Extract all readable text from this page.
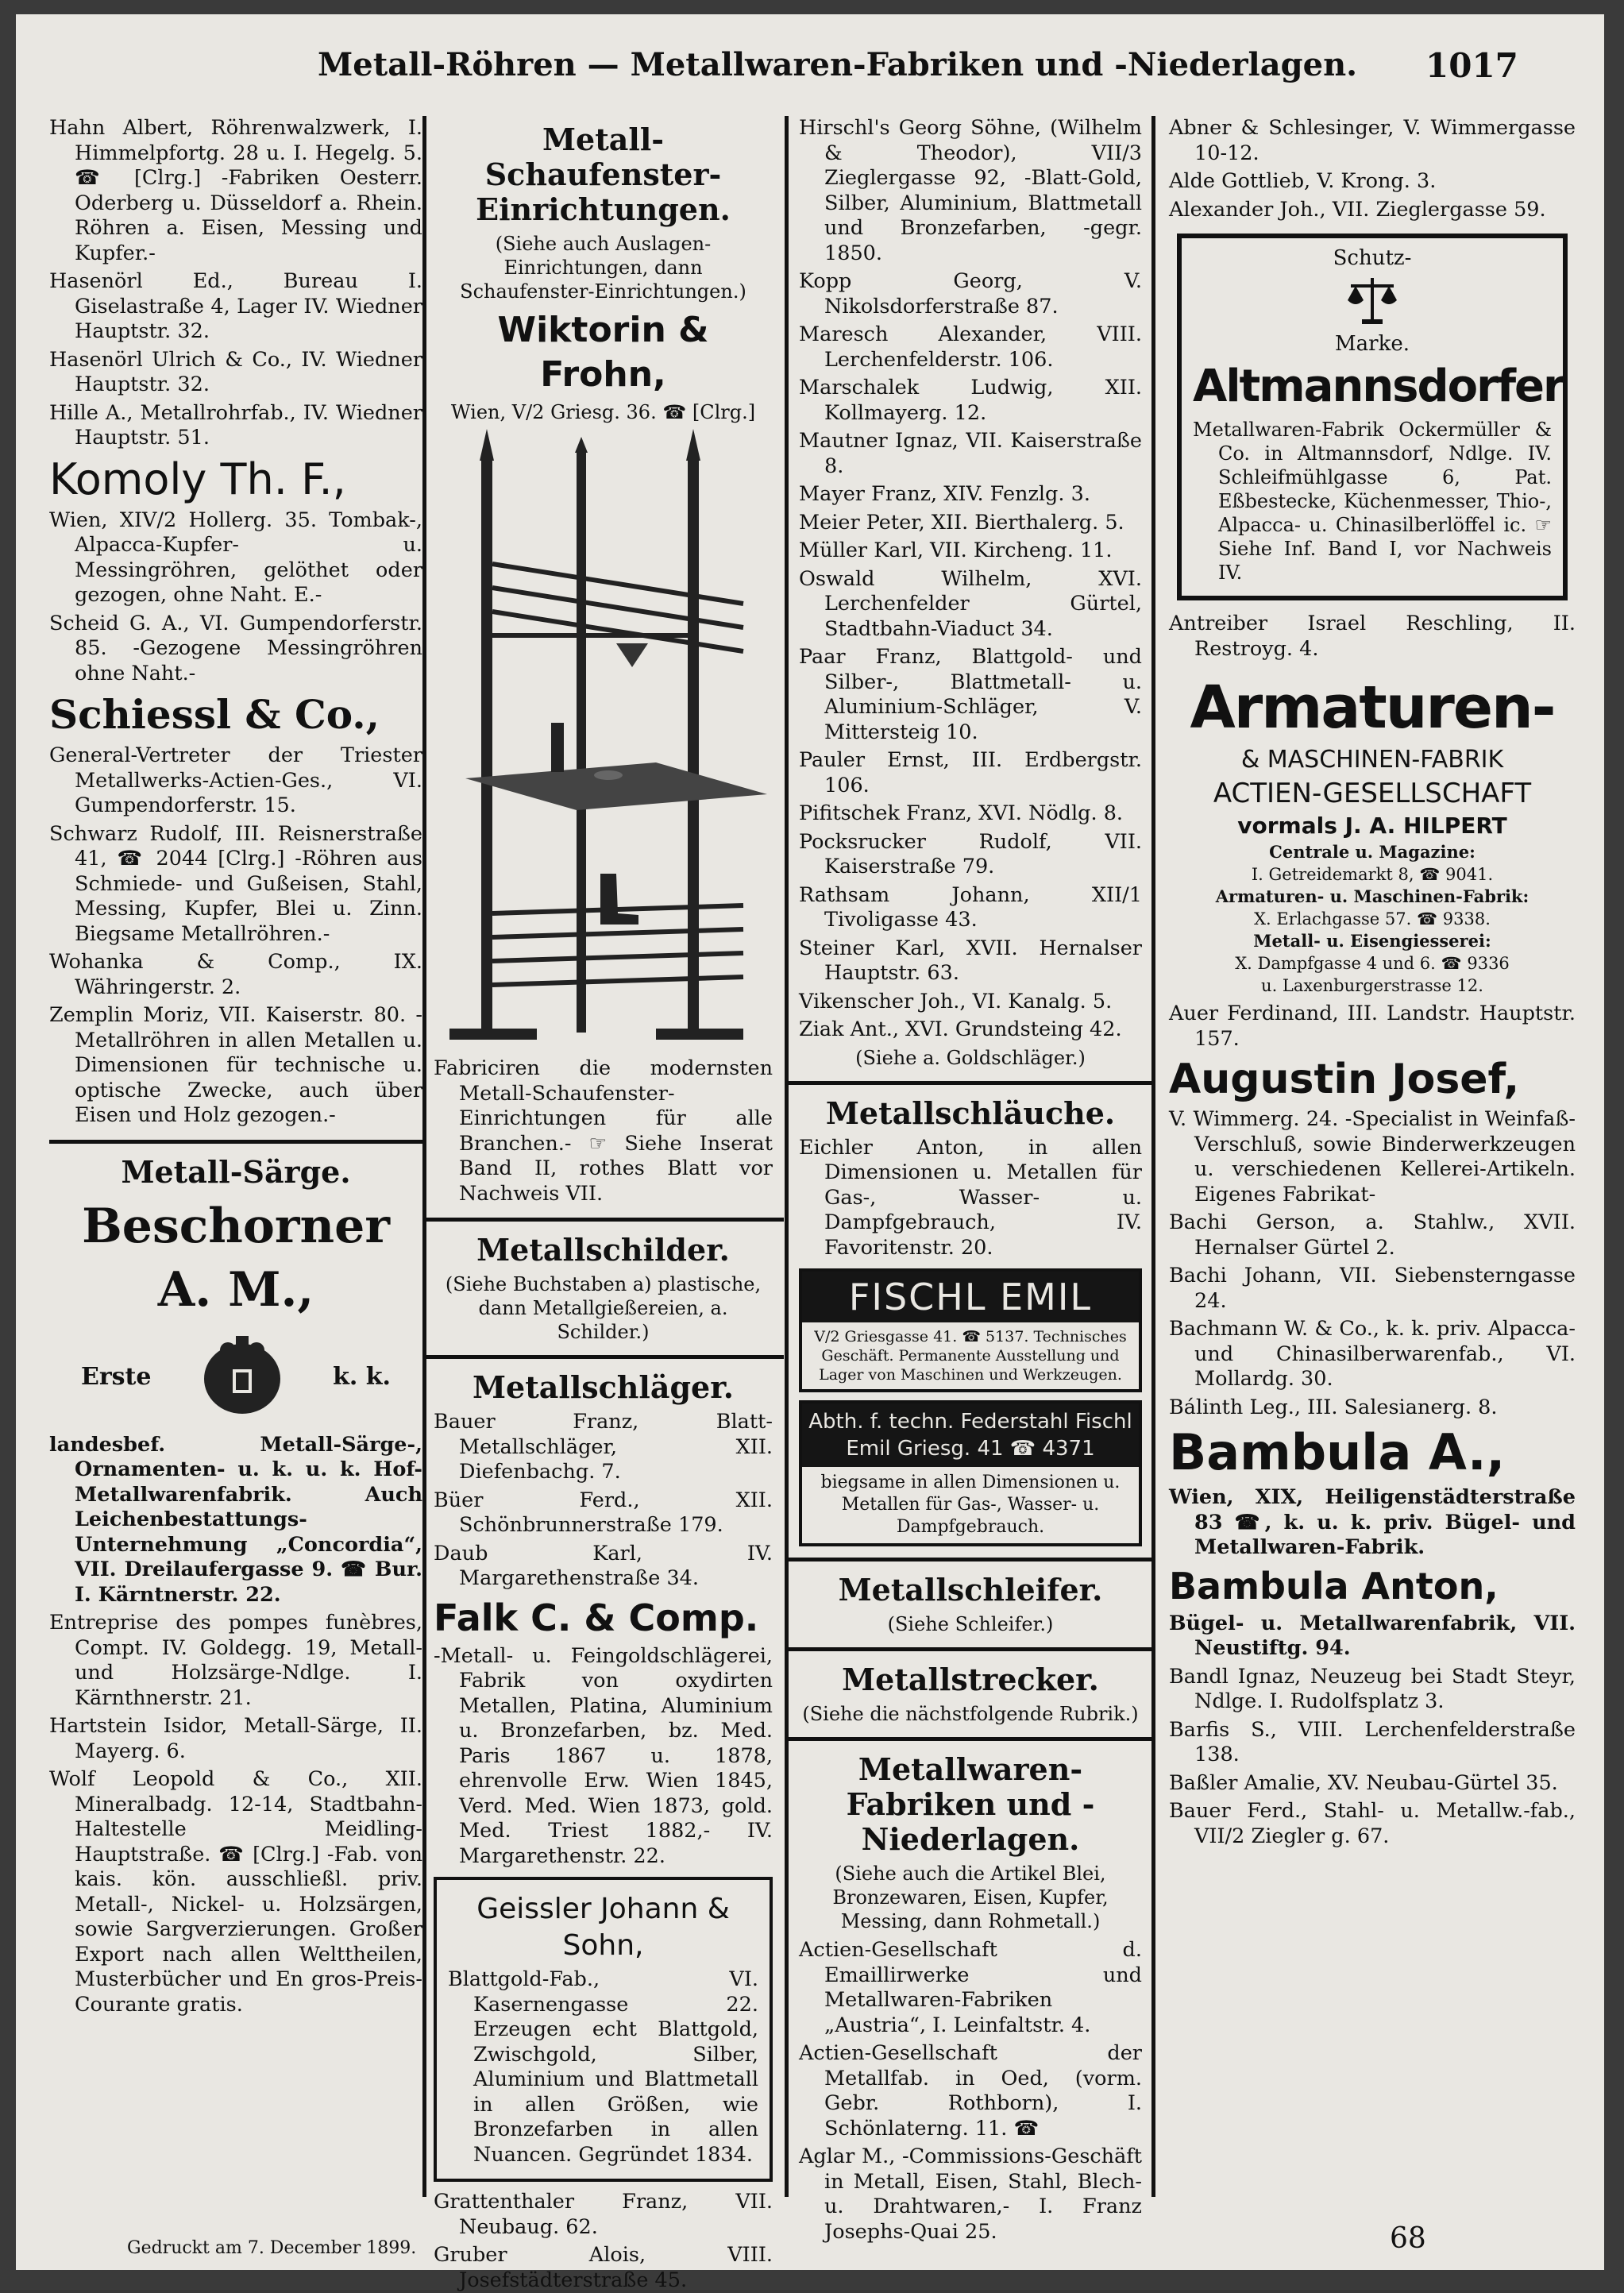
Metall-Röhren — Metallwaren-Fabriken und -Niederlagen. 1017

Hahn Albert, Röhrenwalzwerk, I. Himmelpfortg. 28 u. I. Hegelg. 5. ☎ [Clrg.] -Fabriken Oesterr. Oderberg u. Düsseldorf a. Rhein. Röhren a. Eisen, Messing und Kupfer.-

Hasenörl Ed., Bureau I. Giselastraße 4, Lager IV. Wiedner Hauptstr. 32.

Hasenörl Ulrich & Co., IV. Wiedner Hauptstr. 32.

Hille A., Metallrohrfab., IV. Wiedner Hauptstr. 51.

Komoly Th. F.,

Wien, XIV/2 Hollerg. 35. Tombak-, Alpacca-Kupfer- u. Messingröhren, gelöthet oder gezogen, ohne Naht. E.-

Scheid G. A., VI. Gumpendorferstr. 85. -Gezogene Messingröhren ohne Naht.-

Schiessl & Co.,

General-Vertreter der Triester Metallwerks-Actien-Ges., VI. Gumpendorferstr. 15.

Schwarz Rudolf, III. Reisnerstraße 41, ☎ 2044 [Clrg.] -Röhren aus Schmiede- und Gußeisen, Stahl, Messing, Kupfer, Blei u. Zinn. Biegsame Metallröhren.-

Wohanka & Comp., IX. Währingerstr. 2.

Zemplin Moriz, VII. Kaiserstr. 80. -Metallröhren in allen Metallen u. Dimensionen für technische u. optische Zwecke, auch über Eisen und Holz gezogen.-

Metall-Särge.
Beschorner A. M.,
Erste	k. k.

landesbef. Metall-Särge-, Ornamenten- u. k. u. k. Hof-Metallwarenfabrik. Auch Leichenbestattungs-Unternehmung „Concordia“, VII. Dreilaufergasse 9. ☎ Bur. I. Kärntnerstr. 22.

Entreprise des pompes funèbres, Compt. IV. Goldegg. 19, Metall- und Holzsärge-Ndlge. I. Kärnthnerstr. 21.

Hartstein Isidor, Metall-Särge, II. Mayerg. 6.

Wolf Leopold & Co., XII. Mineralbadg. 12-14, Stadtbahn-Haltestelle Meidling-Hauptstraße. ☎ [Clrg.] -Fab. von kais. kön. ausschließl. priv. Metall-, Nickel- u. Holzsärgen, sowie Sargverzierungen. Großer Export nach allen Welttheilen, Musterbücher und En gros-Preis-Courante gratis.

Metall-Schaufenster-Einrichtungen.
(Siehe auch Auslagen-Einrichtungen, dann Schaufenster-Einrichtungen.)
Wiktorin & Frohn,
Wien, V/2 Griesg. 36. ☎ [Clrg.]

Fabriciren die modernsten Metall-Schaufenster-Einrichtungen für alle Branchen.- ☞ Siehe Inserat Band II, rothes Blatt vor Nachweis VII.

Metallschilder.
(Siehe Buchstaben a) plastische, dann Metallgießereien, a. Schilder.)
Metallschläger.

Bauer Franz, Blatt-Metallschläger, XII. Diefenbachg. 7.

Büer Ferd., XII. Schönbrunnerstraße 179.

Daub Karl, IV. Margarethenstraße 34.

Falk C. & Comp.

-Metall- u. Feingoldschlägerei, Fabrik von oxydirten Metallen, Platina, Aluminium u. Bronzefarben, bz. Med. Paris 1867 u. 1878, ehrenvolle Erw. Wien 1845, Verd. Med. Wien 1873, gold. Med. Triest 1882,- IV. Margarethenstr. 22.

Geissler Johann & Sohn,

Blattgold-Fab., VI. Kasernengasse 22. Erzeugen echt Blattgold, Zwischgold, Silber, Aluminium und Blattmetall in allen Größen, wie Bronzefarben in allen Nuancen. Gegründet 1834.

Grattenthaler Franz, VII. Neubaug. 62.

Gruber Alois, VIII. Josefstädterstraße 45.

Hirschl's Georg Söhne, (Wilhelm & Theodor), VII/3 Zieglergasse 92, -Blatt-Gold, Silber, Aluminium, Blattmetall und Bronzefarben, -gegr. 1850.

Kopp Georg, V. Nikolsdorferstraße 87.

Maresch Alexander, VIII. Lerchenfelderstr. 106.

Marschalek Ludwig, XII. Kollmayerg. 12.

Mautner Ignaz, VII. Kaiserstraße 8.

Mayer Franz, XIV. Fenzlg. 3.

Meier Peter, XII. Bierthalerg. 5.

Müller Karl, VII. Kircheng. 11.

Oswald Wilhelm, XVI. Lerchenfelder Gürtel, Stadtbahn-Viaduct 34.

Paar Franz, Blattgold- und Silber-, Blattmetall- u. Aluminium-Schläger, V. Mittersteig 10.

Pauler Ernst, III. Erdbergstr. 106.

Pifitschek Franz, XVI. Nödlg. 8.

Pocksrucker Rudolf, VII. Kaiserstraße 79.

Rathsam Johann, XII/1 Tivoligasse 43.

Steiner Karl, XVII. Hernalser Hauptstr. 63.

Vikenscher Joh., VI. Kanalg. 5.

Ziak Ant., XVI. Grundsteing 42.

(Siehe a. Goldschläger.)
Metallschläuche.

Eichler Anton, in allen Dimensionen u. Metallen für Gas-, Wasser- u. Dampfgebrauch, IV. Favoritenstr. 20.

FISCHL EMIL
V/2 Griesgasse 41. ☎ 5137. Technisches Geschäft. Permanente Ausstellung und Lager von Maschinen und Werkzeugen.
Abth. f. techn. Federstahl Fischl Emil Griesg. 41 ☎ 4371
biegsame in allen Dimensionen u. Metallen für Gas-, Wasser- u. Dampfgebrauch.
Metallschleifer.
(Siehe Schleifer.)
Metallstrecker.
(Siehe die nächstfolgende Rubrik.)
Metallwaren-Fabriken und -Niederlagen.
(Siehe auch die Artikel Blei, Bronzewaren, Eisen, Kupfer, Messing, dann Rohmetall.)

Actien-Gesellschaft d. Emaillirwerke und Metallwaren-Fabriken „Austria“, I. Leinfaltstr. 4.

Actien-Gesellschaft der Metallfab. in Oed, (vorm. Gebr. Rothborn), I. Schönlaterng. 11. ☎

Aglar M., -Commissions-Geschäft in Metall, Eisen, Stahl, Blech- u. Drahtwaren,- I. Franz Josephs-Quai 25.

Abner & Schlesinger, V. Wimmergasse 10-12.

Alde Gottlieb, V. Krong. 3.

Alexander Joh., VII. Zieglergasse 59.

Schutz-
Marke.
Altmannsdorfer

Metallwaren-Fabrik Ockermüller & Co. in Altmannsdorf, Ndlge. IV. Schleifmühlgasse 6, Pat. Eßbestecke, Küchenmesser, Thio-, Alpacca- u. Chinasilberlöffel ic. ☞ Siehe Inf. Band I, vor Nachweis IV.

Antreiber Israel Reschling, II. Restroyg. 4.

Armaturen-
& MASCHINEN-FABRIK
ACTIEN-GESELLSCHAFT
vormals J. A. HILPERT
Centrale u. Magazine:
I. Getreidemarkt 8, ☎ 9041.
Armaturen- u. Maschinen-Fabrik:
X. Erlachgasse 57. ☎ 9338.
Metall- u. Eisengiesserei:
X. Dampfgasse 4 und 6. ☎ 9336
u. Laxenburgerstrasse 12.

Auer Ferdinand, III. Landstr. Hauptstr. 157.

Augustin Josef,

V. Wimmerg. 24. -Specialist in Weinfaß-Verschluß, sowie Binderwerkzeugen u. verschiedenen Kellerei-Artikeln. Eigenes Fabrikat-

Bachi Gerson, a. Stahlw., XVII. Hernalser Gürtel 2.

Bachi Johann, VII. Siebensterngasse 24.

Bachmann W. & Co., k. k. priv. Alpacca- und Chinasilberwarenfab., VI. Mollardg. 30.

Bálinth Leg., III. Salesianerg. 8.

Bambula A.,

Wien, XIX, Heiligenstädterstraße 83 ☎, k. u. k. priv. Bügel- und Metallwaren-Fabrik.

Bambula Anton,

Bügel- u. Metallwarenfabrik, VII. Neustiftg. 94.

Bandl Ignaz, Neuzeug bei Stadt Steyr, Ndlge. I. Rudolfsplatz 3.

Barfis S., VIII. Lerchenfelderstraße 138.

Baßler Amalie, XV. Neubau-Gürtel 35.

Bauer Ferd., Stahl- u. Metallw.-fab., VII/2 Ziegler g. 67.

Gedruckt am 7. December 1899.	68
